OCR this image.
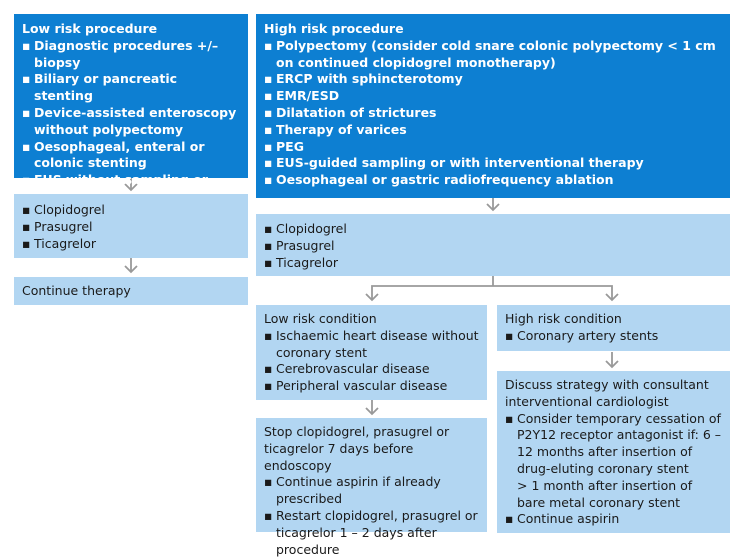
Low risk procedure
▪ Diagnostic procedures +/– biopsy
▪ Biliary or pancreatic stenting
▪ Device-assisted enteroscopy without polypectomy
▪ Oesophageal, enteral or colonic stenting
▪ EUS without sampling or
High risk procedure
▪ Polypectomy (consider cold snare colonic polypectomy < 1 cm on continued clopidogrel monotherapy)
▪ ERCP with sphincterotomy
▪ EMR/ESD
▪ Dilatation of strictures
▪ Therapy of varices
▪ PEG
▪ EUS-guided sampling or with interventional therapy
▪ Oesophageal or gastric radiofrequency ablation
▪ Clopidogrel
▪ Prasugrel
▪ Ticagrelor
Continue therapy
▪ Clopidogrel
▪ Prasugrel
▪ Ticagrelor
Low risk condition
▪ Ischaemic heart disease without coronary stent
▪ Cerebrovascular disease
▪ Peripheral vascular disease
High risk condition
▪ Coronary artery stents
Stop clopidogrel, prasugrel or ticagrelor 7 days before endoscopy
▪ Continue aspirin if already prescribed
▪ Restart clopidogrel, prasugrel or ticagrelor 1 – 2 days after procedure
Discuss strategy with consultant interventional cardiologist
▪ Consider temporary cessation of P2Y12 receptor antagonist if: 6 – 12 months after insertion of drug-eluting coronary stent
> 1 month after insertion of bare metal coronary stent
▪ Continue aspirin
